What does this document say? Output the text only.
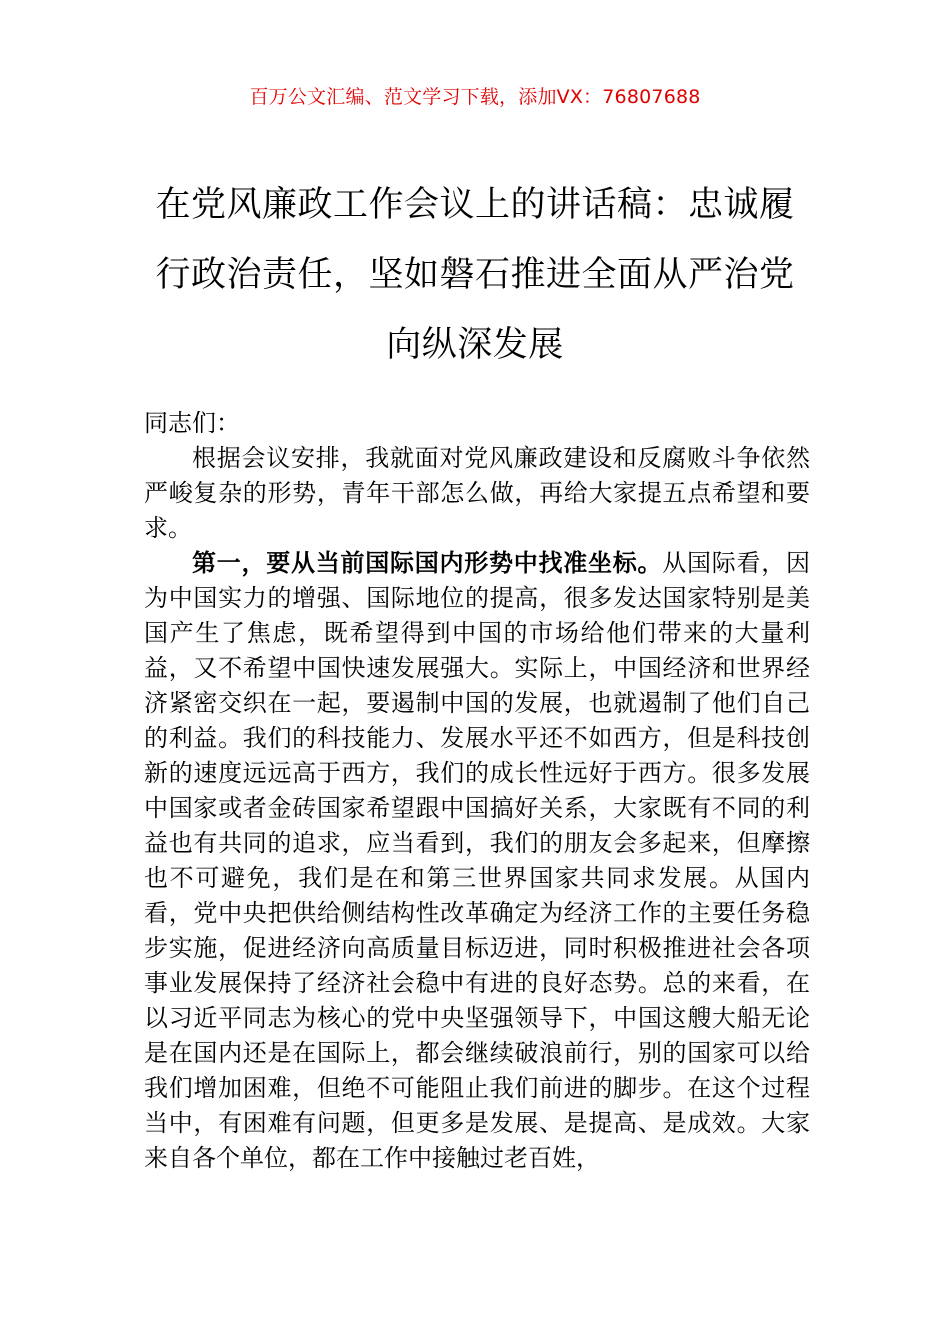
百万公文汇编、范文学习下载，添加VX：76807688
在党风廉政工作会议上的讲话稿：忠诚履行政治责任，坚如磐石推进全面从严治党向纵深发展

同志们：

根据会议安排，我就面对党风廉政建设和反腐败斗争依然严峻复杂的形势，青年干部怎么做，再给大家提五点希望和要求。

第一，要从当前国际国内形势中找准坐标。从国际看，因为中国实力的增强、国际地位的提高，很多发达国家特别是美国产生了焦虑，既希望得到中国的市场给他们带来的大量利益，又不希望中国快速发展强大。实际上，中国经济和世界经济紧密交织在一起，要遏制中国的发展，也就遏制了他们自己的利益。我们的科技能力、发展水平还不如西方，但是科技创新的速度远远高于西方，我们的成长性远好于西方。很多发展中国家或者金砖国家希望跟中国搞好关系，大家既有不同的利益也有共同的追求，应当看到，我们的朋友会多起来，但摩擦也不可避免，我们是在和第三世界国家共同求发展。从国内看，党中央把供给侧结构性改革确定为经济工作的主要任务稳步实施，促进经济向高质量目标迈进，同时积极推进社会各项事业发展保持了经济社会稳中有进的良好态势。总的来看，在以习近平同志为核心的党中央坚强领导下，中国这艘大船无论是在国内还是在国际上，都会继续破浪前行，别的国家可以给我们增加困难，但绝不可能阻止我们前进的脚步。在这个过程当中，有困难有问题，但更多是发展、是提高、是成效。大家来自各个单位，都在工作中接触过老百姓，
